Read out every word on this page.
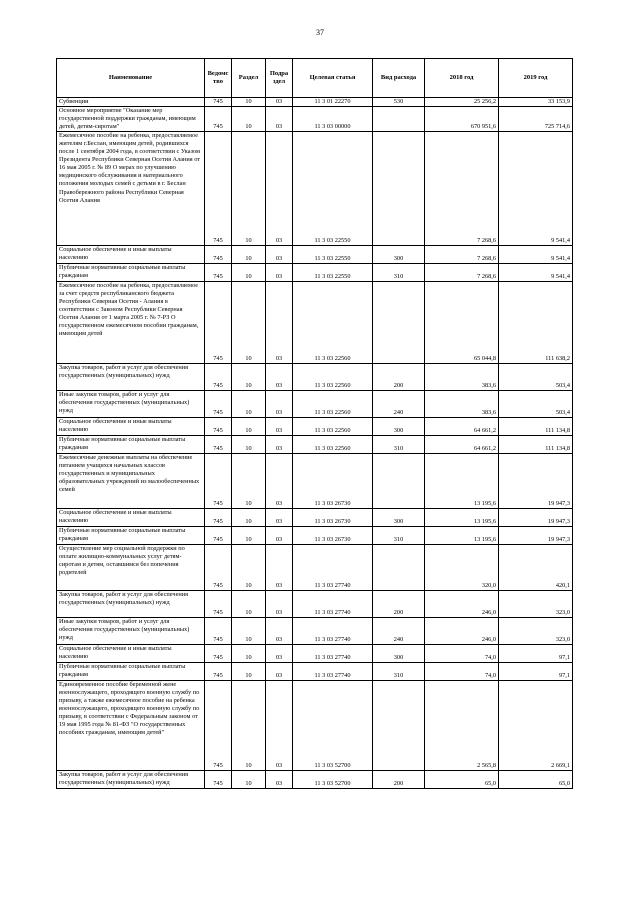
37
Наименование	Ведомс тво	Раздел	Подра здел	Целевая статья	Вид расхода	2018 год	2019 год
Субвенции	745	10	03	11 3 01 22270	530	25 256,2	33 153,9
Основное мероприятие "Оказание мер государственной поддержки гражданам, имеющим детей, детям-сиротам"	745	10	03	11 3 03 00000		670 951,6	725 714,6
Ежемесячное пособие на ребенка, предоставляемое жителям г.Беслан, имеющим детей, родившихся после 1 сентября 2004 года, в соответствии с Указом Президента Республики Северная Осетия Алания от 16 мая 2005 г. № 89 О мерах по улучшению медицинского обслуживания и материального положения молодых семей с детьми в г. Беслан Правобережного района Республики Северная Осетия Алания	745	10	03	11 3 03 22550		7 268,6	9 541,4
Социальное обеспечение и иные выплаты населению	745	10	03	11 3 03 22550	300	7 268,6	9 541,4
Публичные нормативные социальные выплаты гражданам	745	10	03	11 3 03 22550	310	7 268,6	9 541,4
Ежемесячное пособие на ребенка, предоставляемое за счет средств республиканского бюджета Республики Северная Осетия - Алания в соответствии с Законом Республики Северная Осетия Алания от 1 марта 2005 г. № 7-РЗ О государственном ежемесячном пособии гражданам, имеющим детей	745	10	03	11 3 03 22560		65 044,8	111 638,2
Закупка товаров, работ и услуг для обеспечения государственных (муниципальных) нужд	745	10	03	11 3 03 22560	200	383,6	503,4
Иные закупки товаров, работ и услуг для обеспечения государственных (муниципальных) нужд	745	10	03	11 3 03 22560	240	383,6	503,4
Социальное обеспечение и иные выплаты населению	745	10	03	11 3 03 22560	300	64 661,2	111 134,8
Публичные нормативные социальные выплаты гражданам	745	10	03	11 3 03 22560	310	64 661,2	111 134,8
Ежемесячные денежные выплаты на обеспечение питанием учащихся начальных классов государственных и муниципальных образовательных учреждений из малообеспеченных семей	745	10	03	11 3 03 26730		13 195,6	19 947,3
Социальное обеспечение и иные выплаты населению	745	10	03	11 3 03 26730	300	13 195,6	19 947,3
Публичные нормативные социальные выплаты гражданам	745	10	03	11 3 03 26730	310	13 195,6	19 947,3
Осуществление мер социальной поддержки по оплате жилищно-коммунальных услуг детям-сиротам и детям, оставшимся без попечения родителей	745	10	03	11 3 03 27740		320,0	420,1
Закупка товаров, работ и услуг для обеспечения государственных (муниципальных) нужд	745	10	03	11 3 03 27740	200	246,0	323,0
Иные закупки товаров, работ и услуг для обеспечения государственных (муниципальных) нужд	745	10	03	11 3 03 27740	240	246,0	323,0
Социальное обеспечение и иные выплаты населению	745	10	03	11 3 03 27740	300	74,0	97,1
Публичные нормативные социальные выплаты гражданам	745	10	03	11 3 03 27740	310	74,0	97,1
Единовременное пособие беременной жене военнослужащего, проходящего военную службу по призыву, а также ежемесячное пособие на ребенка военнослужащего, проходящего военную службу по призыву, в соответствии с Федеральным законом от 19 мая 1995 года № 81-ФЗ "О государственных пособиях гражданам, имеющим детей"	745	10	03	11 3 03 52700		2 565,8	2 669,1
Закупка товаров, работ и услуг для обеспечения государственных (муниципальных) нужд	745	10	03	11 3 03 52700	200	65,0	65,0
